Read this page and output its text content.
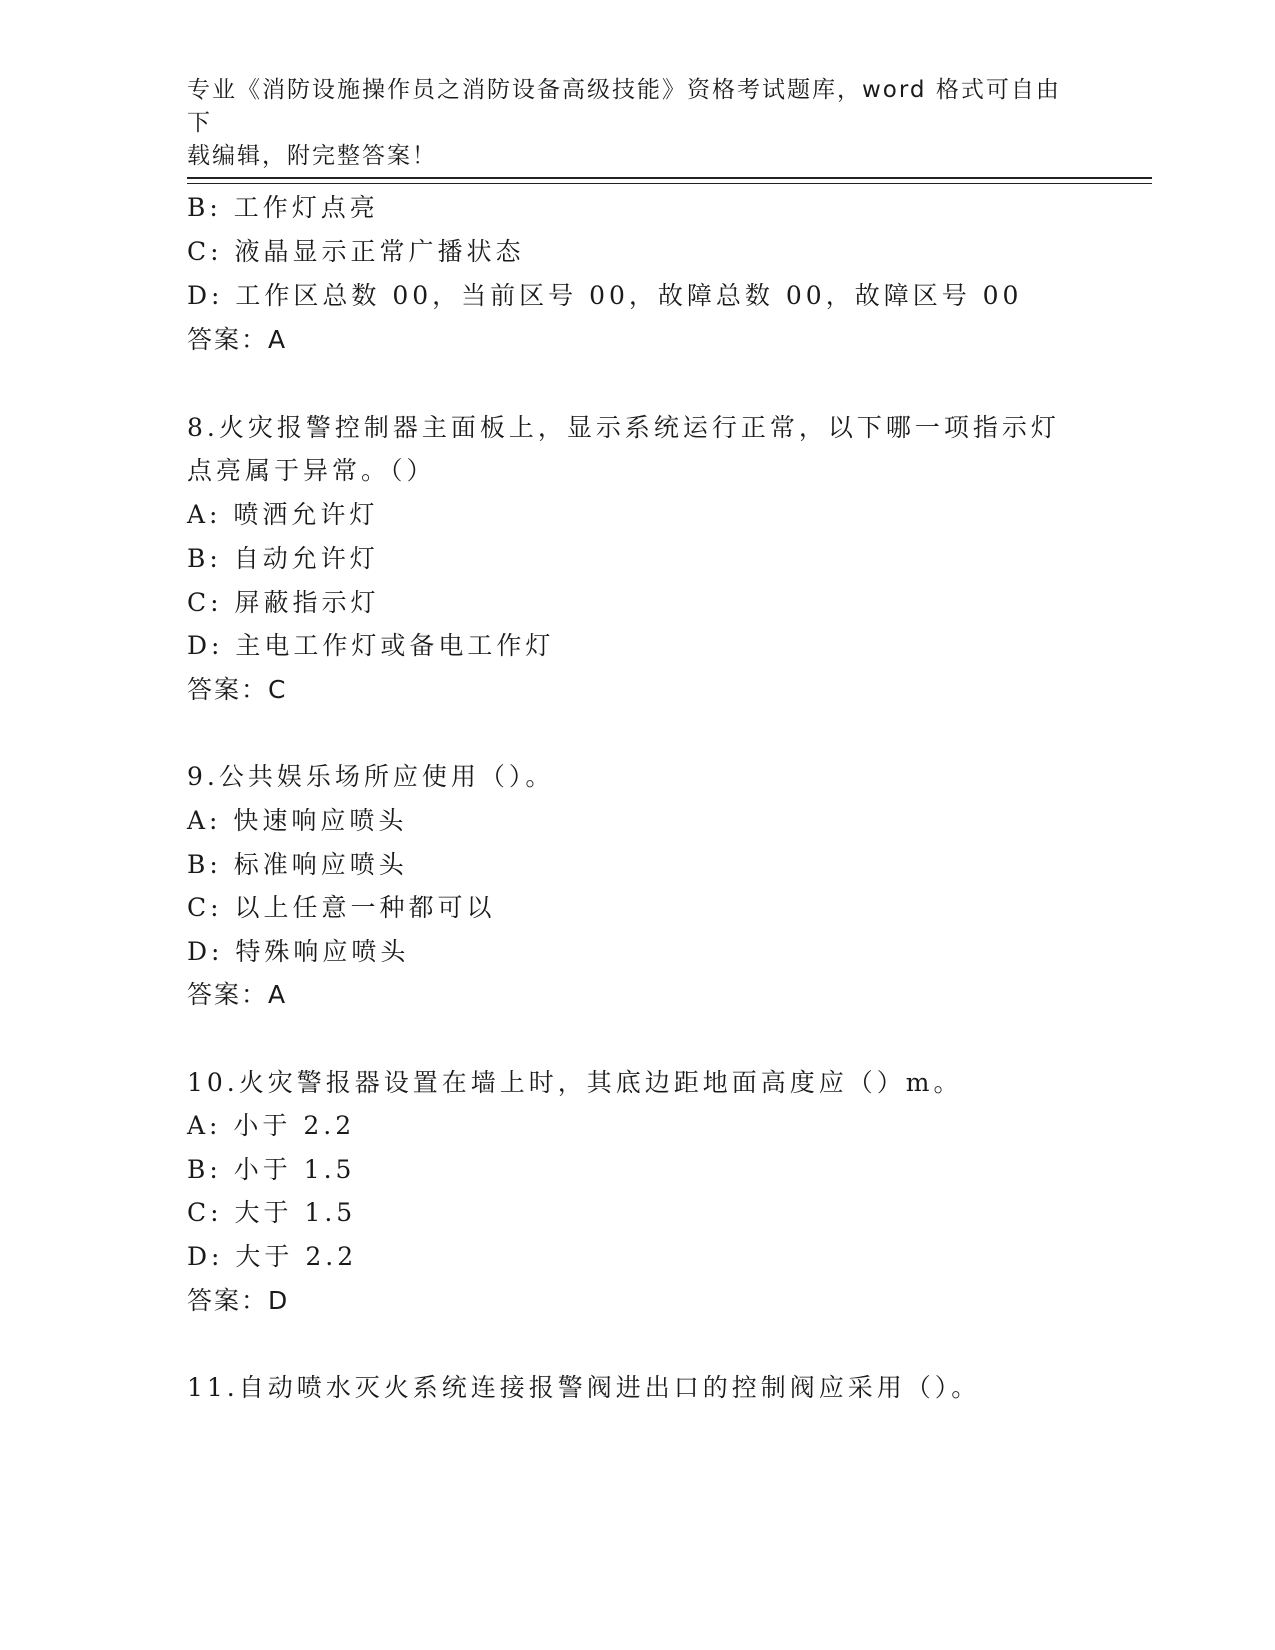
专业《消防设施操作员之消防设备高级技能》资格考试题库，word 格式可自由下
载编辑，附完整答案！
B: 工作灯点亮
C: 液晶显示正常广播状态
D: 工作区总数 00，当前区号 00，故障总数 00，故障区号 00
答案：A
8.火灾报警控制器主面板上，显示系统运行正常，以下哪一项指示灯
点亮属于异常。（）
A: 喷洒允许灯
B: 自动允许灯
C: 屏蔽指示灯
D: 主电工作灯或备电工作灯
答案：C
9.公共娱乐场所应使用（）。
A: 快速响应喷头
B: 标准响应喷头
C: 以上任意一种都可以
D: 特殊响应喷头
答案：A
10.火灾警报器设置在墙上时，其底边距地面高度应（）m。
A: 小于 2.2
B: 小于 1.5
C: 大于 1.5
D: 大于 2.2
答案：D
11.自动喷水灭火系统连接报警阀进出口的控制阀应采用（）。
